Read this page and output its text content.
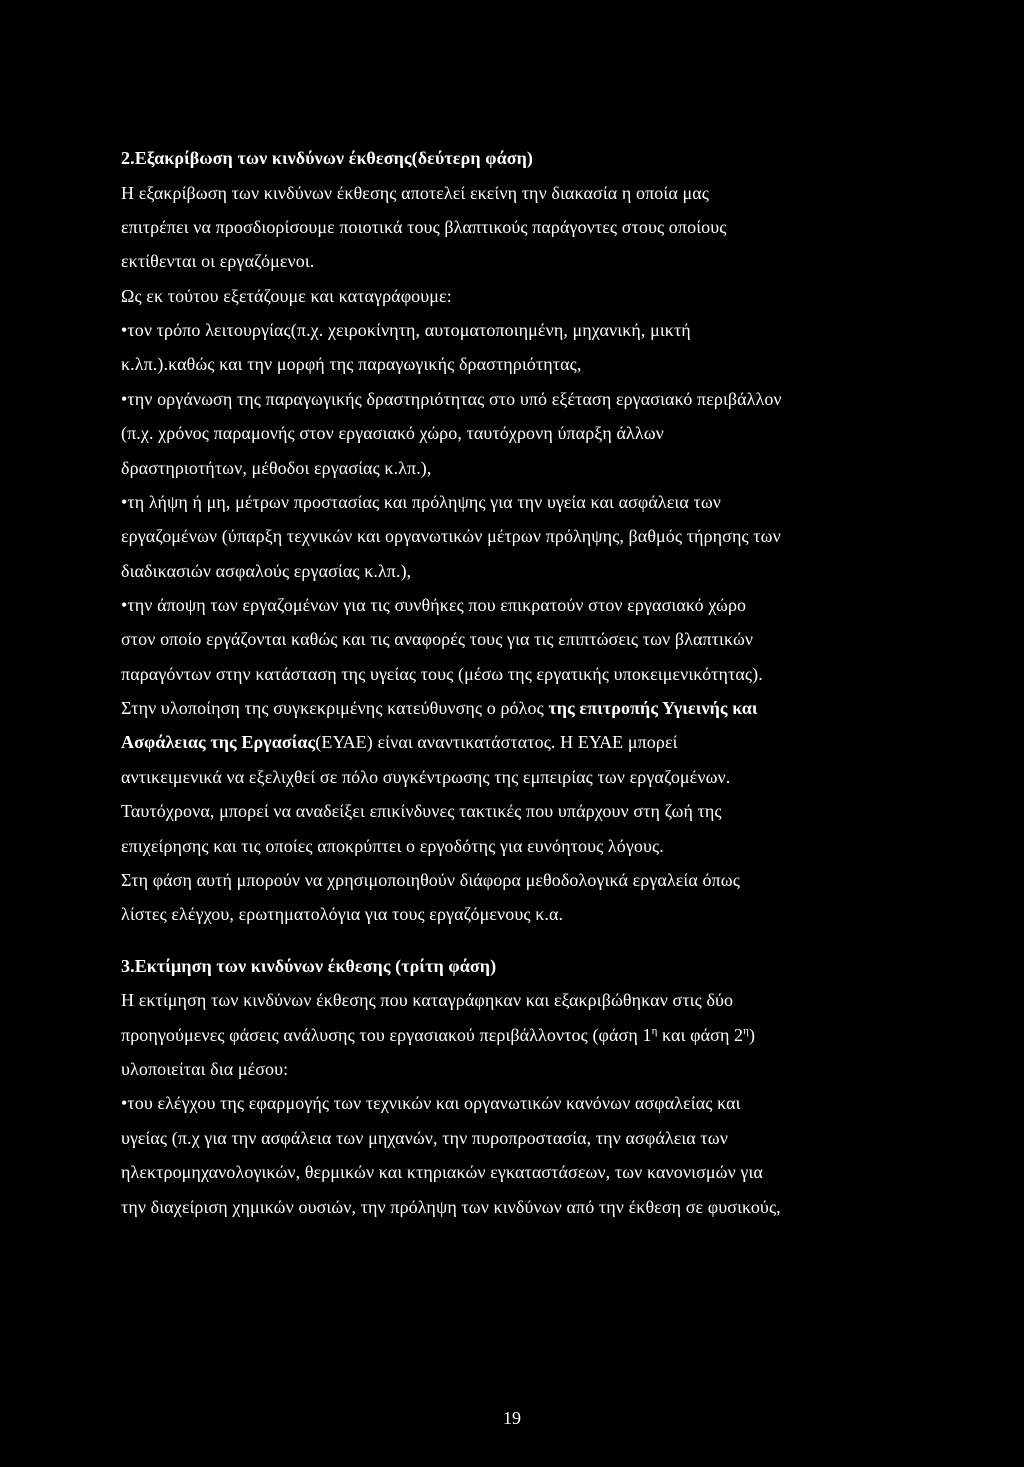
2.Εξακρίβωση των κινδύνων έκθεσης(δεύτερη φάση)
Η εξακρίβωση των κινδύνων έκθεσης αποτελεί εκείνη την διακασία η οποία μας
επιτρέπει να προσδιορίσουμε ποιοτικά τους βλαπτικούς παράγοντες στους οποίους
εκτίθενται οι εργαζόμενοι.
Ως εκ τούτου εξετάζουμε και καταγράφουμε:
•τον τρόπο λειτουργίας(π.χ. χειροκίνητη, αυτοματοποιημένη, μηχανική, μικτή
κ.λπ.).καθώς και την μορφή της παραγωγικής δραστηριότητας,
•την οργάνωση της παραγωγικής δραστηριότητας στο υπό εξέταση εργασιακό περιβάλλον
(π.χ. χρόνος παραμονής στον εργασιακό χώρο, ταυτόχρονη ύπαρξη άλλων
δραστηριοτήτων, μέθοδοι εργασίας κ.λπ.),
•τη λήψη ή μη, μέτρων προστασίας και πρόληψης για την υγεία και ασφάλεια των
εργαζομένων (ύπαρξη τεχνικών και οργανωτικών μέτρων πρόληψης, βαθμός τήρησης των
διαδικασιών ασφαλούς εργασίας κ.λπ.),
•την άποψη των εργαζομένων για τις συνθήκες που επικρατούν στον εργασιακό χώρο
στον οποίο εργάζονται καθώς και τις αναφορές τους για τις επιπτώσεις των βλαπτικών
παραγόντων στην κατάσταση της υγείας τους (μέσω της εργατικής υποκειμενικότητας).
Στην υλοποίηση της συγκεκριμένης κατεύθυνσης ο ρόλος της επιτροπής Υγιεινής και
Ασφάλειας της Εργασίας(ΕΥΑΕ) είναι αναντικατάστατος. Η ΕΥΑΕ μπορεί
αντικειμενικά να εξελιχθεί σε πόλο συγκέντρωσης της εμπειρίας των εργαζομένων.
Ταυτόχρονα, μπορεί να αναδείξει επικίνδυνες τακτικές που υπάρχουν στη ζωή της
επιχείρησης και τις οποίες αποκρύπτει ο εργοδότης για ευνόητους λόγους.
Στη φάση αυτή μπορούν να χρησιμοποιηθούν διάφορα μεθοδολογικά εργαλεία όπως
λίστες ελέγχου, ερωτηματολόγια για τους εργαζόμενους κ.α.
3.Εκτίμηση των κινδύνων έκθεσης (τρίτη φάση)
Η εκτίμηση των κινδύνων έκθεσης που καταγράφηκαν και εξακριβώθηκαν στις δύο
προηγούμενες φάσεις ανάλυσης του εργασιακού περιβάλλοντος (φάση $1^\eta$ και φάση $2^\eta$)
υλοποιείται δια μέσου:
•του ελέγχου της εφαρμογής των τεχνικών και οργανωτικών κανόνων ασφαλείας και
υγείας (π.χ για την ασφάλεια των μηχανών, την πυροπροστασία, την ασφάλεια των
ηλεκτρομηχανολογικών, θερμικών και κτηριακών εγκαταστάσεων, των κανονισμών για
την διαχείριση χημικών ουσιών, την πρόληψη των κινδύνων από την έκθεση σε φυσικούς,
19
